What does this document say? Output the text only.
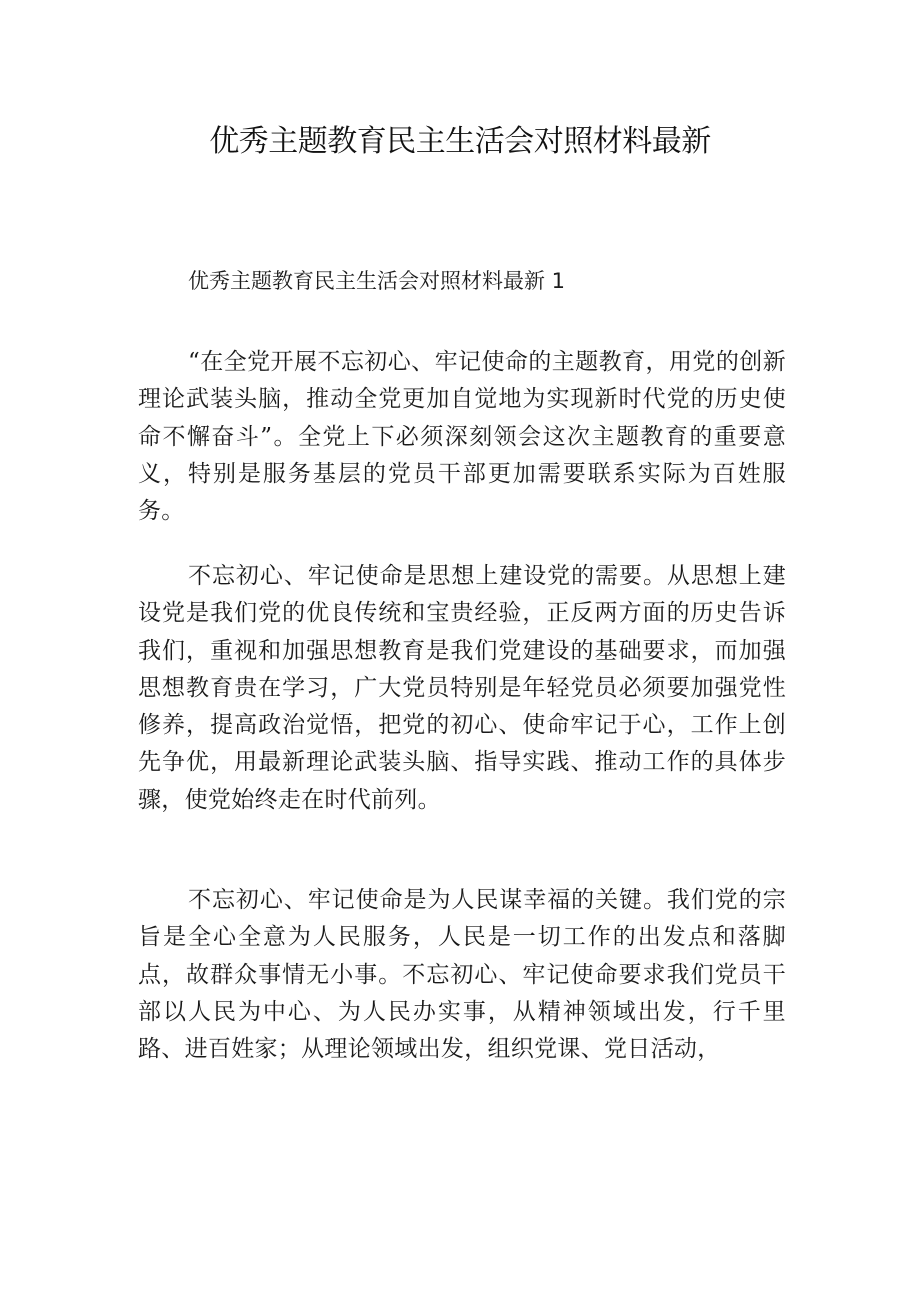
优秀主题教育民主生活会对照材料最新

优秀主题教育民主生活会对照材料最新 1

“在全党开展不忘初心、牢记使命的主题教育，用党的创新理论武装头脑，推动全党更加自觉地为实现新时代党的历史使命不懈奋斗”。全党上下必须深刻领会这次主题教育的重要意义，特别是服务基层的党员干部更加需要联系实际为百姓服务。

不忘初心、牢记使命是思想上建设党的需要。从思想上建设党是我们党的优良传统和宝贵经验，正反两方面的历史告诉我们，重视和加强思想教育是我们党建设的基础要求，而加强思想教育贵在学习，广大党员特别是年轻党员必须要加强党性修养，提高政治觉悟，把党的初心、使命牢记于心，工作上创先争优，用最新理论武装头脑、指导实践、推动工作的具体步骤，使党始终走在时代前列。

不忘初心、牢记使命是为人民谋幸福的关键。我们党的宗旨是全心全意为人民服务，人民是一切工作的出发点和落脚点，故群众事情无小事。不忘初心、牢记使命要求我们党员干部以人民为中心、为人民办实事，从精神领域出发，行千里路、进百姓家；从理论领域出发，组织党课、党日活动，
